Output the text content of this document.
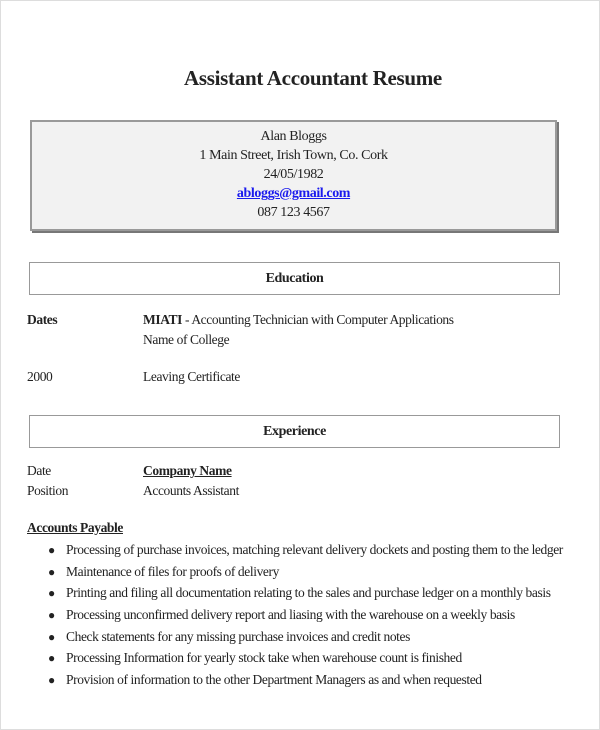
Assistant Accountant Resume
Alan Bloggs
1 Main Street, Irish Town, Co. Cork
24/05/1982
abloggs@gmail.com
087 123 4567
Education
Dates	MIATI - Accounting Technician with Computer Applications
Name of College
2000	Leaving Certificate
Experience
Date	Company Name
Position	Accounts Assistant
Accounts Payable
● Processing of purchase invoices, matching relevant delivery dockets and posting them to the ledger
● Maintenance of files for proofs of delivery
● Printing and filing all documentation relating to the sales and purchase ledger on a monthly basis
● Processing unconfirmed delivery report and liasing with the warehouse on a weekly basis
● Check statements for any missing purchase invoices and credit notes
● Processing Information for yearly stock take when warehouse count is finished
● Provision of information to the other Department Managers as and when requested
